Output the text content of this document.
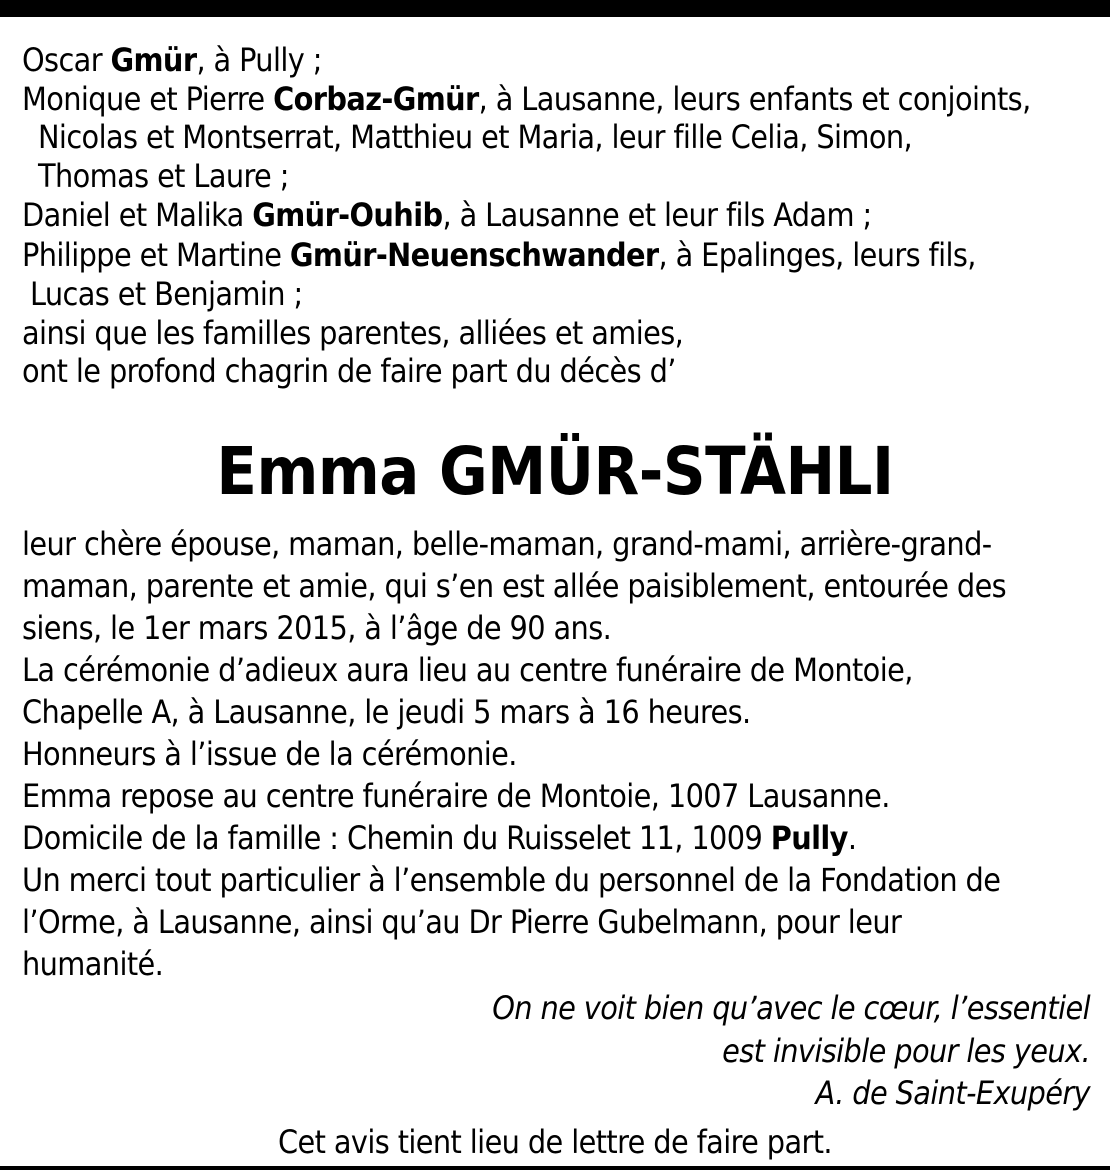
Oscar Gmür, à Pully ;
Monique et Pierre Corbaz-Gmür, à Lausanne, leurs enfants et conjoints,
Nicolas et Montserrat, Matthieu et Maria, leur fille Celia, Simon,
Thomas et Laure ;
Daniel et Malika Gmür-Ouhib, à Lausanne et leur fils Adam ;
Philippe et Martine Gmür-Neuenschwander, à Epalinges, leurs fils,
Lucas et Benjamin ;
ainsi que les familles parentes, alliées et amies,
ont le profond chagrin de faire part du décès d’
Emma GMÜR-STÄHLI
leur chère épouse, maman, belle-maman, grand-mami, arrière-grand-
maman, parente et amie, qui s’en est allée paisiblement, entourée des
siens, le 1er mars 2015, à l’âge de 90 ans.
La cérémonie d’adieux aura lieu au centre funéraire de Montoie,
Chapelle A, à Lausanne, le jeudi 5 mars à 16 heures.
Honneurs à l’issue de la cérémonie.
Emma repose au centre funéraire de Montoie, 1007 Lausanne.
Domicile de la famille : Chemin du Ruisselet 11, 1009 Pully.
Un merci tout particulier à l’ensemble du personnel de la Fondation de
l’Orme, à Lausanne, ainsi qu’au Dr Pierre Gubelmann, pour leur
humanité.
On ne voit bien qu’avec le cœur, l’essentiel
est invisible pour les yeux.
A. de Saint-Exupéry
Cet avis tient lieu de lettre de faire part.
